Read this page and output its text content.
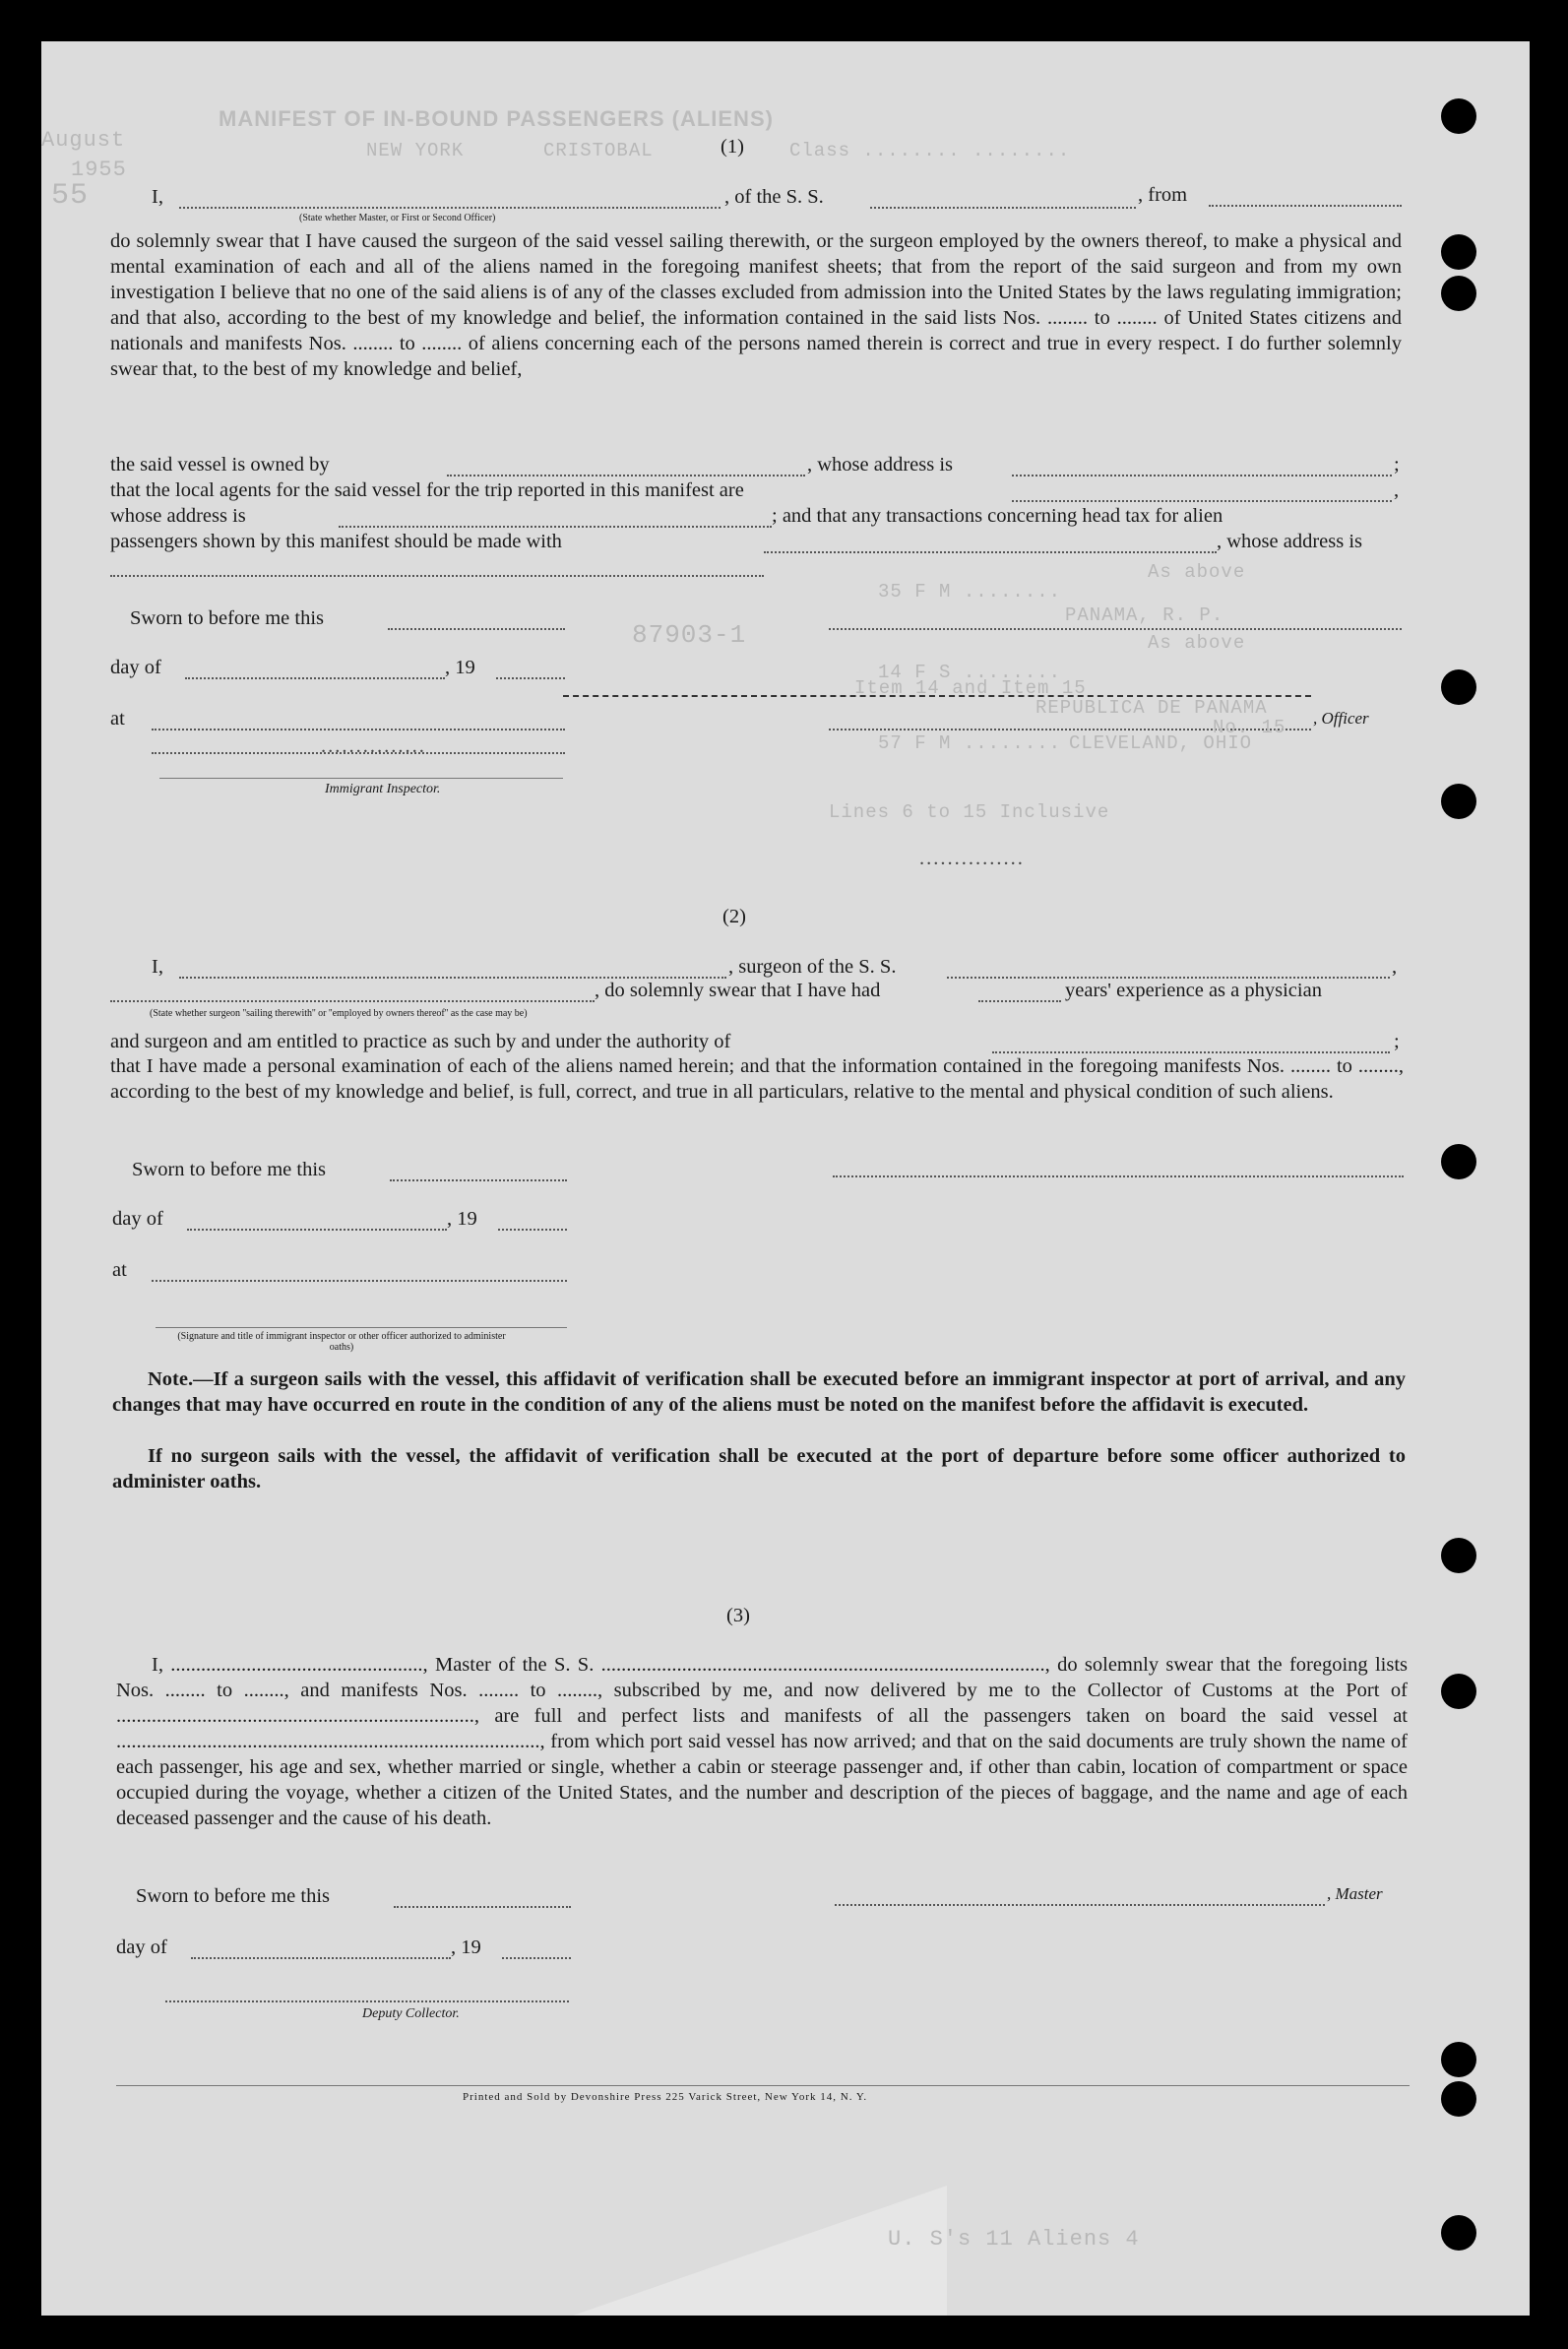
MANIFEST OF IN-BOUND PASSENGERS (ALIENS)
Class ........ ........
August
1955
NEW YORK	CRISTOBAL
55
(1)
I,	, of the S. S.	, from
(State whether Master, or First or Second Officer)
do solemnly swear that I have caused the surgeon of the said vessel sailing therewith, or the surgeon employed by the owners thereof, to make a physical and mental examination of each and all of the aliens named in the foregoing manifest sheets; that from the report of the said surgeon and from my own investigation I believe that no one of the said aliens is of any of the classes excluded from admission into the United States by the laws regulating immigration; and that also, according to the best of my knowledge and belief, the information contained in the said lists Nos. ........ to ........ of United States citizens and nationals and manifests Nos. ........ to ........ of aliens concerning each of the persons named therein is correct and true in every respect. I do further solemnly swear that, to the best of my knowledge and belief,
the said vessel is owned by	, whose address is	;
that the local agents for the said vessel for the trip reported in this manifest are	,
whose address is	; and that any transactions concerning head tax for alien
passengers shown by this manifest should be made with	, whose address is
Sworn to before me this
day of	, 19
at	, Officer
Immigrant Inspector.
As above
35 F M ........
PANAMA, R. P.
87903-1	As above
14 F S ........
Item 14 and Item 15
REPUBLICA DE PANAMA
No. 15
57 F M ........ CLEVELAND, OHIO
Lines 6 to 15 Inclusive
...............
...............
(2)
I,	, surgeon of the S. S.	,
, do solemnly swear that I have had	years' experience as a physician
(State whether surgeon ''sailing therewith'' or ''employed by owners thereof'' as the case may be)
and surgeon and am entitled to practice as such by and under the authority of	;
that I have made a personal examination of each of the aliens named herein; and that the information contained in the foregoing manifests Nos. ........ to ........, according to the best of my knowledge and belief, is full, correct, and true in all particulars, relative to the mental and physical condition of such aliens.
Sworn to before me this
day of	, 19
at
(Signature and title of immigrant inspector or other officer authorized to administer oaths)
Note.—If a surgeon sails with the vessel, this affidavit of verification shall be executed before an immigrant inspector at port of arrival, and any changes that may have occurred en route in the condition of any of the aliens must be noted on the manifest before the affidavit is executed.
If no surgeon sails with the vessel, the affidavit of verification shall be executed at the port of departure before some officer authorized to administer oaths.
(3)
I, .................................................., Master of the S. S. ........................................................................................, do solemnly swear that the foregoing lists Nos. ........ to ........, and manifests Nos. ........ to ........, subscribed by me, and now delivered by me to the Collector of Customs at the Port of ......................................................................., are full and perfect lists and manifests of all the passengers taken on board the said vessel at ...................................................................................., from which port said vessel has now arrived; and that on the said documents are truly shown the name of each passenger, his age and sex, whether married or single, whether a cabin or steerage passenger and, if other than cabin, location of compartment or space occupied during the voyage, whether a citizen of the United States, and the number and description of the pieces of baggage, and the name and age of each deceased passenger and the cause of his death.
Sworn to before me this	, Master
day of	, 19
Deputy Collector.
Printed and Sold by Devonshire Press 225 Varick Street, New York 14, N. Y.
U. S's 11 Aliens 4
